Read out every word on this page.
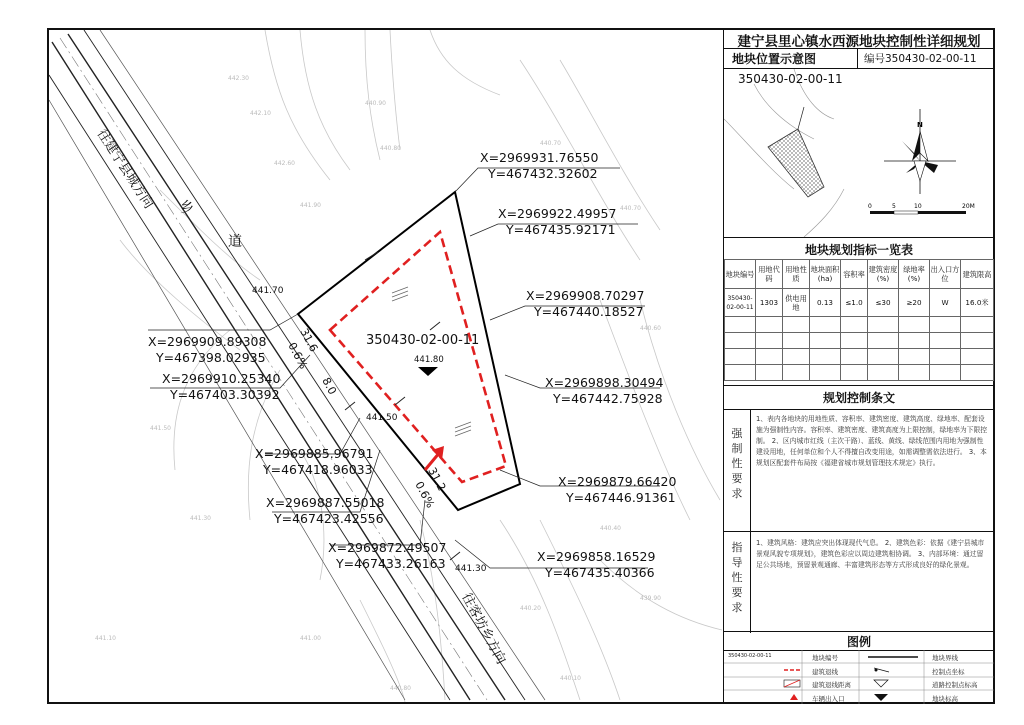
442.30
442.10
440.90
442.60
441.90
440.80
440.70
440.70
440.60
440.40
439.90
440.20
441.50
441.30
441.10	441.00
440.80
440.10
往建宁县城方向 乡
道
往客坊乡方向
350430-02-00-11
441.80
441.70
441.50
441.30
31.6
0.6%
8.0
31.2
0.6%
X=2969931.76550
Y=467432.32602
X=2969922.49957
Y=467435.92171
X=2969908.70297
Y=467440.18527
X=2969898.30494
Y=467442.75928
X=2969879.66420
Y=467446.91361
X=2969858.16529
Y=467435.40366
X=2969909.89308
Y=467398.02935
X=2969910.25340
Y=467403.30392
X=2969885.96791
Y=467418.96033
X=2969887.55018
Y=467423.42556
X=2969872.49507
Y=467433.26163
建宁县里心镇水西源地块控制性详细规划
地块位置示意图	编号350430-02-00-11
N
0	5	10	20M
350430-02-00-11
地块规划指标一览表
地块编号	用地代码	用地性质	地块面积(ha)	容积率	建筑密度(%)	绿地率(%)	出入口方位	建筑限高
350430-02-00-11	1303	供电用地	0.13	≤1.0	≤30	≥20	W	16.0米

规划控制条文
强制性要求
1、表内各地块的用地性质、容积率、建筑密度、建筑高度、绿地率、配套设施为强制性内容。容积率、建筑密度、建筑高度为上限控制，绿地率为下限控制。 2、区内城市红线（主次干路）、蓝线、黄线、绿线范围内用地为强制性建设用地，任何单位和个人不得擅自改变用途，如需调整需依法进行。 3、本规划区配套件布局按《福建省城市规划管理技术规定》执行。
指导性要求
1、建筑风格：建筑应突出体现现代气息。 2、建筑色彩：依据《建宁县城市景观风貌专项规划》，建筑色彩应以周边建筑相协调。 3、内部环境：通过留足公共场地，预留景观通廊、丰富建筑形态等方式形成良好的绿化景观。
图例
350430-02-00-11	地块编号	地块界线
建筑退线	控制点坐标
建筑退线距离	道路控制点标高
车辆出入口	地块标高
